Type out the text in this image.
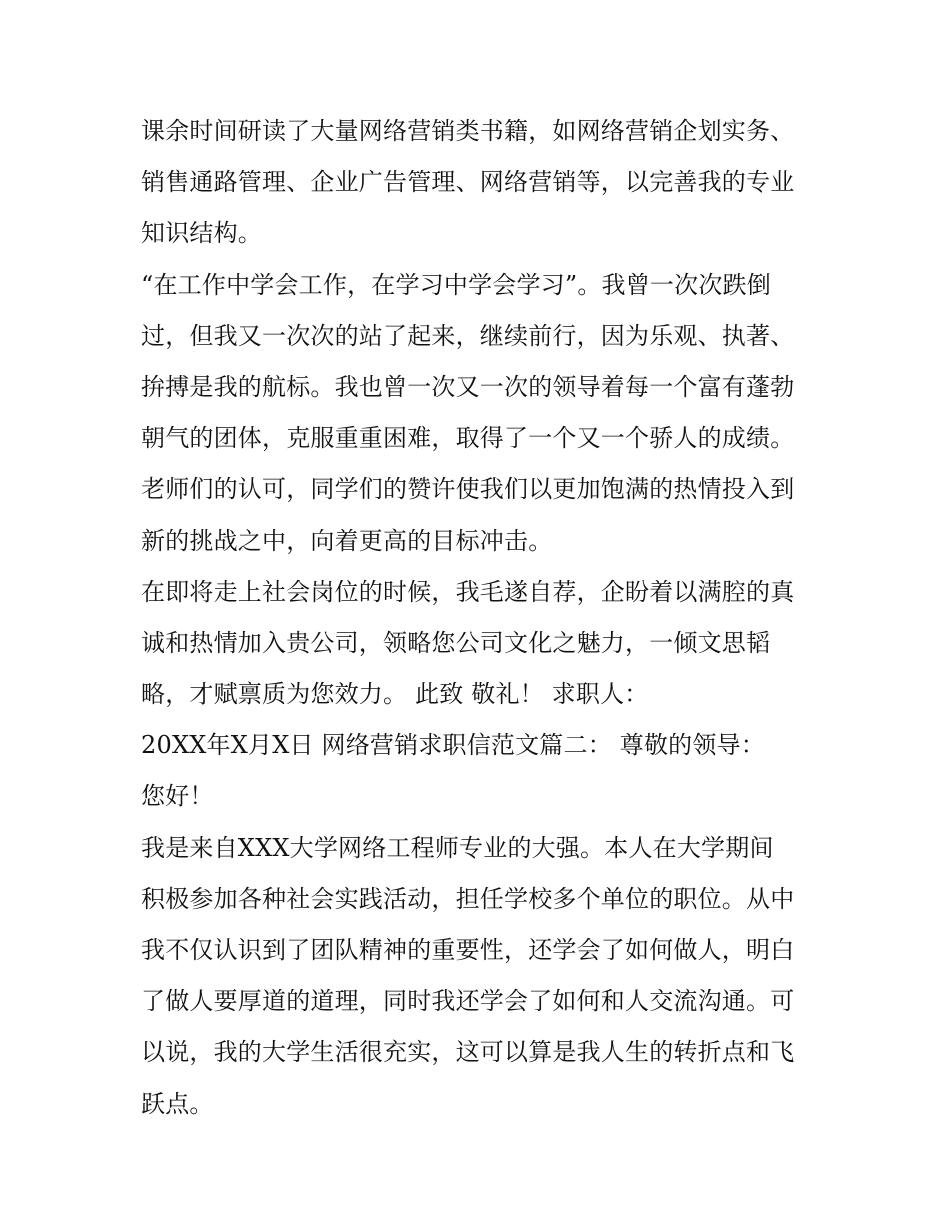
课余时间研读了大量网络营销类书籍，如网络营销企划实务、
销售通路管理、企业广告管理、网络营销等，以完善我的专业
知识结构。
“在工作中学会工作，在学习中学会学习”。我曾一次次跌倒
过，但我又一次次的站了起来，继续前行，因为乐观、执著、
拚搏是我的航标。我也曾一次又一次的领导着每一个富有蓬勃
朝气的团体，克服重重困难，取得了一个又一个骄人的成绩。
老师们的认可，同学们的赞许使我们以更加饱满的热情投入到
新的挑战之中，向着更高的目标冲击。
在即将走上社会岗位的时候，我毛遂自荐，企盼着以满腔的真
诚和热情加入贵公司，领略您公司文化之魅力，一倾文思韬
略，才赋禀质为您效力。 此致 敬礼！ 求职人：
20XX年X月X日 网络营销求职信范文篇二： 尊敬的领导：
您好！
我是来自XXX大学网络工程师专业的大强。本人在大学期间
积极参加各种社会实践活动，担任学校多个单位的职位。从中
我不仅认识到了团队精神的重要性，还学会了如何做人，明白
了做人要厚道的道理，同时我还学会了如何和人交流沟通。可
以说，我的大学生活很充实，这可以算是我人生的转折点和飞
跃点。
